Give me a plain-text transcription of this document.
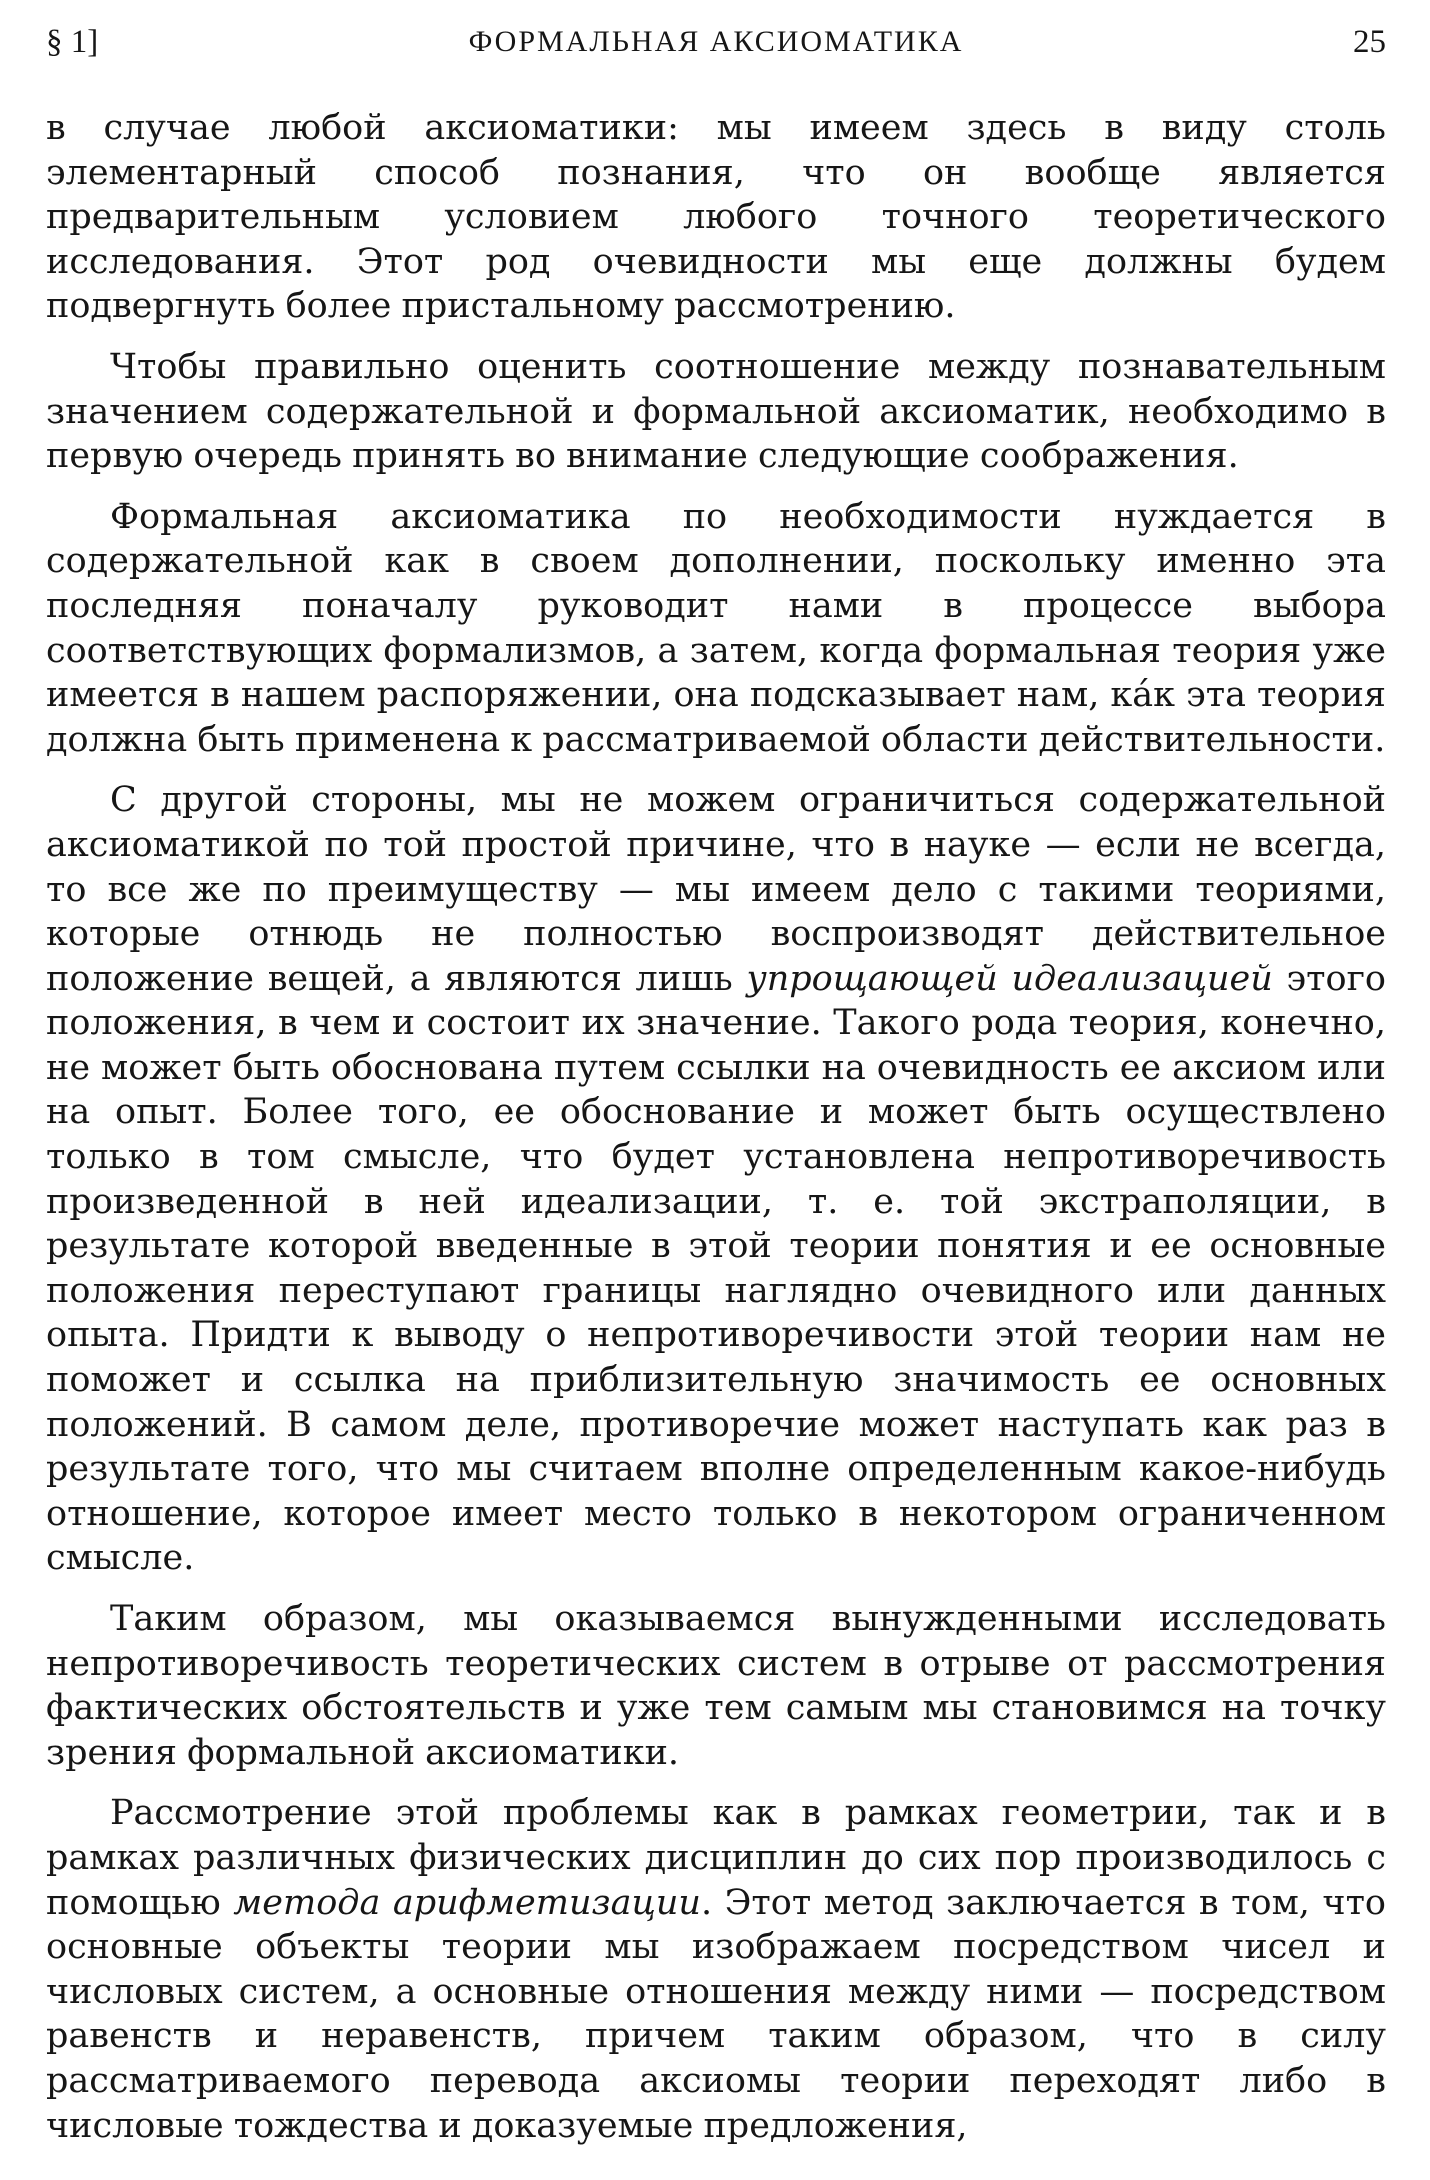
§ 1]	ФОРМАЛЬНАЯ АКСИОМАТИКА	25

в случае любой аксиоматики: мы имеем здесь в виду столь элементарный способ познания, что он вообще является предварительным условием любого точного теоретического исследования. Этот род очевидности мы еще должны будем подвергнуть более пристальному рассмотрению.

Чтобы правильно оценить соотношение между познавательным значением содержательной и формальной аксиоматик, необходимо в первую очередь принять во внимание следующие соображения.

Формальная аксиоматика по необходимости нуждается в содержательной как в своем дополнении, поскольку именно эта последняя поначалу руководит нами в процессе выбора соответствующих формализмов, а затем, когда формальная теория уже имеется в нашем распоряжении, она подсказывает нам, ка́к эта теория должна быть применена к рассматриваемой области действительности.

С другой стороны, мы не можем ограничиться содержательной аксиоматикой по той простой причине, что в науке — если не всегда, то все же по преимуществу — мы имеем дело с такими теориями, которые отнюдь не полностью воспроизводят действительное положение вещей, а являются лишь упрощающей идеализацией этого положения, в чем и состоит их значение. Такого рода теория, конечно, не может быть обоснована путем ссылки на очевидность ее аксиом или на опыт. Более того, ее обоснование и может быть осуществлено только в том смысле, что будет установлена непротиворечивость произведенной в ней идеализации, т. е. той экстраполяции, в результате которой введенные в этой теории понятия и ее основные положения переступают границы наглядно очевидного или данных опыта. Придти к выводу о непротиворечивости этой теории нам не поможет и ссылка на приблизительную значимость ее основных положений. В самом деле, противоречие может наступать как раз в результате того, что мы считаем вполне определенным какое-нибудь отношение, которое имеет место только в некотором ограниченном смысле.

Таким образом, мы оказываемся вынужденными исследовать непротиворечивость теоретических систем в отрыве от рассмотрения фактических обстоятельств и уже тем самым мы становимся на точку зрения формальной аксиоматики.

Рассмотрение этой проблемы как в рамках геометрии, так и в рамках различных физических дисциплин до сих пор производилось с помощью метода арифметизации. Этот метод заключается в том, что основные объекты теории мы изображаем посредством чисел и числовых систем, а основные отношения между ними — посредством равенств и неравенств, причем таким образом, что в силу рассматриваемого перевода аксиомы теории переходят либо в числовые тождества и доказуемые предложения,
